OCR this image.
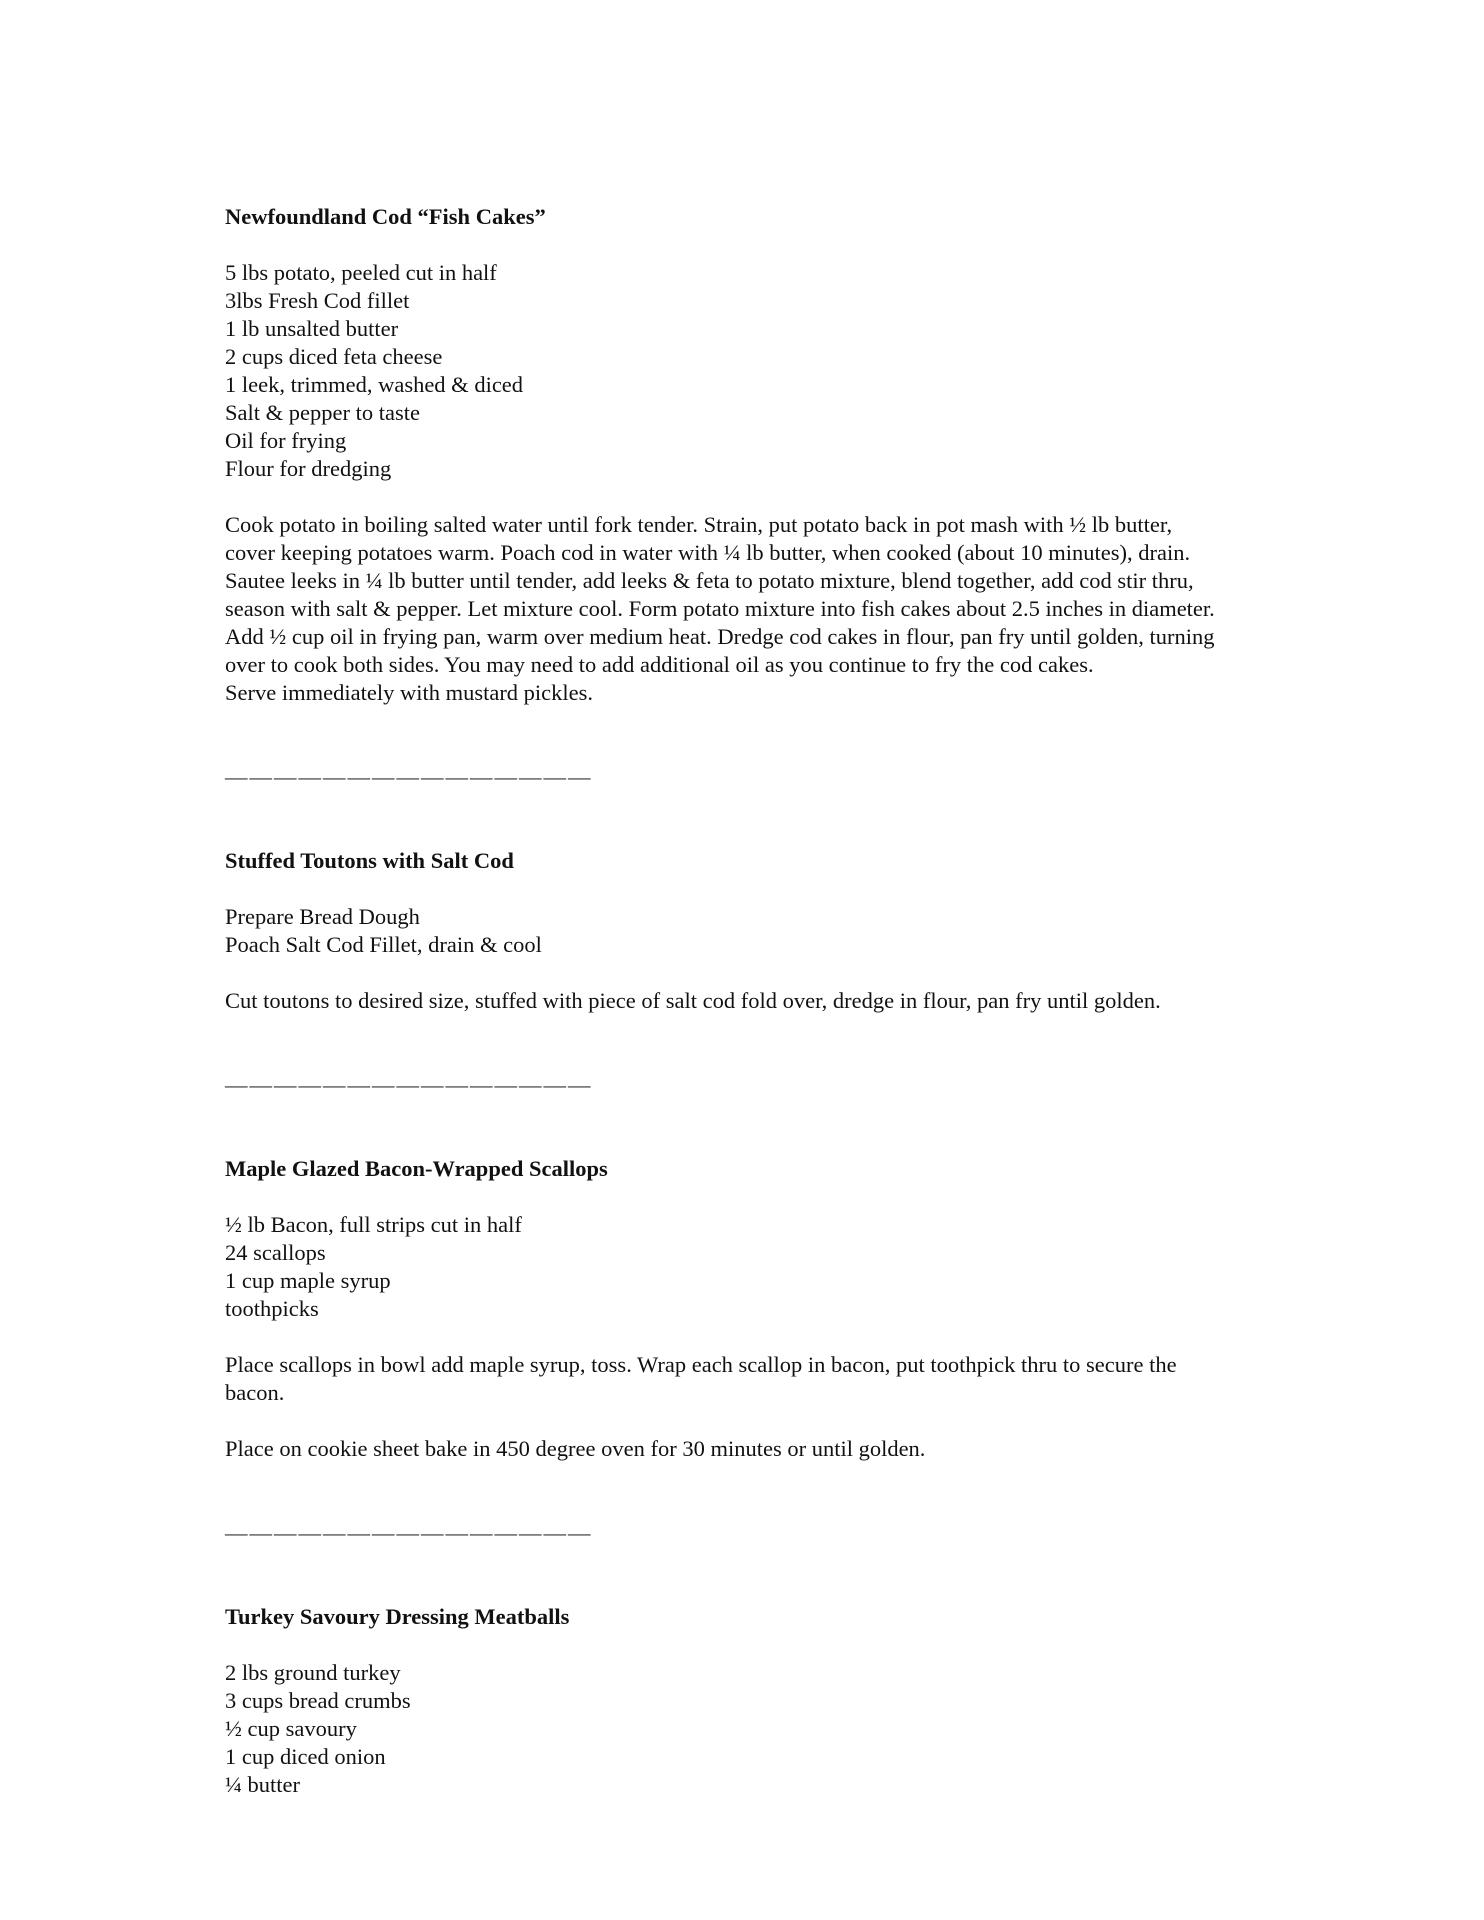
Newfoundland Cod “Fish Cakes”

5 lbs potato, peeled cut in half

3lbs Fresh Cod fillet

1 lb unsalted butter

2 cups diced feta cheese

1 leek, trimmed, washed & diced

Salt & pepper to taste

Oil for frying

Flour for dredging

Cook potato in boiling salted water until fork tender. Strain, put potato back in pot mash with ½ lb butter,

cover keeping potatoes warm. Poach cod in water with ¼ lb butter, when cooked (about 10 minutes), drain.

Sautee leeks in ¼ lb butter until tender, add leeks & feta to potato mixture, blend together, add cod stir thru,

season with salt & pepper. Let mixture cool. Form potato mixture into fish cakes about 2.5 inches in diameter.

Add ½ cup oil in frying pan, warm over medium heat. Dredge cod cakes in flour, pan fry until golden, turning

over to cook both sides. You may need to add additional oil as you continue to fry the cod cakes.

Serve immediately with mustard pickles.

———————————————

Stuffed Toutons with Salt Cod

Prepare Bread Dough

Poach Salt Cod Fillet, drain & cool

Cut toutons to desired size, stuffed with piece of salt cod fold over, dredge in flour, pan fry until golden.

———————————————

Maple Glazed Bacon-Wrapped Scallops

½ lb Bacon, full strips cut in half

24 scallops

1 cup maple syrup

toothpicks

Place scallops in bowl add maple syrup, toss. Wrap each scallop in bacon, put toothpick thru to secure the

bacon.

Place on cookie sheet bake in 450 degree oven for 30 minutes or until golden.

———————————————

Turkey Savoury Dressing Meatballs

2 lbs ground turkey

3 cups bread crumbs

½ cup savoury

1 cup diced onion

¼ butter
